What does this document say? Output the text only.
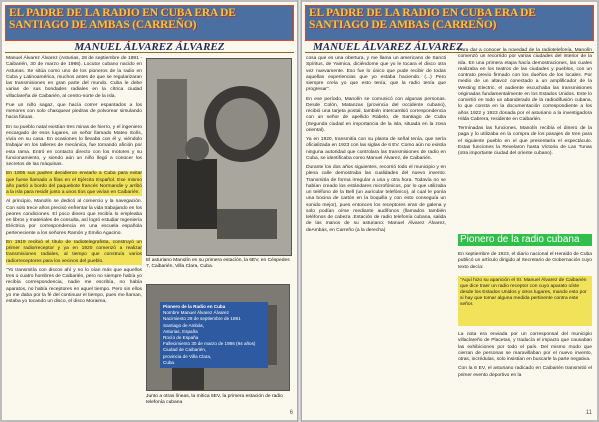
EL PADRE DE LA RADIO EN CUBA ERA DE SANTIAGO DE AMBAS (CARREÑO)
MANUEL ÁLVAREZ ÁLVAREZ

Manuel Álvarez Álvarez (Asturias, 28 de septiembre de 1891 - Caibarién, 30 de marzo de 1986). Locutor cubano nacido en Asturias. Se sitúa como uno de los pioneros de la radio en Cuba y Latinoamérica, muchos antes de que se regularizaran las transmisiones en gran parte del mundo. Cuba le debe varias de sus bondades radiales en la cítrica ciudad villaclareña de Caibarién, al centro-norte de la isla.

Fue un niño sagaz, que hacía correr espantados a los menores con solo chasquear piedras de polvorear simulando hacia fútuas.

En su pueblo natal existían tres minas de hierro, y el ingeniero encargado de esos lugares, un señor llamado Mateo Solís, vivía en su casa. En ocasiones lo llevaba con él y, viéndolo trabajar en los talleres de mecánica, fue tomando afición por esta rama. Entró en contacto directo con los motores y su funcionamiento, y siendo aún un niño llegó a conocer los secretos de las máquinas.

En 1905 sus padres decidieron enviarlo a Cuba para evitar que fuese llamado a filas en el Ejército Español. Ese mismo año partió a bordo del paquebote francés Normandie y arribó a la isla para residir junto a unos tíos que vivían en Caibarién.

Al principio, Manolín se dedicó al comercio y la navegación. Con solo trece años precisó enfrentar la vida trabajando en los peores condiciones. El poco dinero que recibía lo empleaba en libros y materiales de consulta, así logró estudiar Ingeniería Eléctrica por correspondencia en una escuela española perteneciente a los señores Ramón y Emilio Agacino.

En 1919 recibió el título de radiotelegrafista, construyó un primer radiorreceptor y ya en 1920 comenzó a realizar transmisiones radiales, al tiempo que construía varios radiorreceptores para los vecinos del pueblo.

"Yo transmitía con discos ahí y no lo oían más que aquellos tres o cuatro hombres de Caibarién, pero no siempre había yo recibía correspondencia, nadie me escribía, no había aparatos, no había receptores en aquel tiempo. Pero sin ellos yo me daba por la fé del continuar el tiempo, pues me llaman, estaba yo tocando un disco, el disco Moraima,

El asturiano Manolín en su primera estación, la 6EV, en Céspedes 7, Caibarién, Villa Clara, Cuba.
Pionero de la Radio en Cuba
Nombre Manuel Álvarez Álvarez
Nacimiento 28 de septiembre de 1891
Santiago de Ambás,
Asturias, España
Rocío de España
Fallecimiento 30 de marzo de 1986 (94 años)
Ciudad de Caibarién,
provincia de Villa Clara,
Cuba.
Junto a otras líneas, la mítica 6EV, la primera estación de radio telefonía cubana
6
EL PADRE DE LA RADIO EN CUBA ERA DE SANTIAGO DE AMBAS (CARREÑO)
MANUEL ÁLVAREZ ÁLVAREZ

cosa que es una obertura, y me llama un americano de Sancti Spíritus, de Yaimica, diciéndome que yo le tocara el disco otra vez nuevamente. Eso fue lo único que pude recibir de todas aquellas experiencias que yo estaba haciendo. (...) Pero siempre creía yo que esto tenía, que la radio tenía que progresar".

En ese período, Manolín se comunicó con algunas personas. Desde Colón, Matanzas (provincia del occidente cubano), recibió una tarjeta postal, también intercambió correspondencia con un señor de apellido Rabelo, de Santiago de Cuba (Segunda ciudad en importancia de la isla, situada en la zona oriental).

Ya en 1920, transmitía con su planta de señal tenía, que sería oficializada en 1923 con las siglas de 6 EV. Como aún no existía ninguna autoridad que controlara las transmisiones de radio en Cuba, se identificaba como Manuel Álvarez, de Caibarién.

Durante los dos años siguientes, recorrió todo el municipio y en plena calle demostraba las cualidades del nuevo invento. Transmitía de forma irregular a una y otra hora. Todavía no se habían creado los estándares microfónicos, por lo que utilizaba un teléfono de la Bell (un auricular telefónico), al cual le ponía una bocina de cartón en la boquilla y con esto conseguía un sonido mejor), pues entonces los receptores eran de galena y solo podían oírse mediante audífonos (llamados también teléfonos de cabeza .Estación de radio telefonía cubana, salida de las manos de su asturiano: Manuel Álvarez Álvarez, deAmbás, en Carreño (a la derecha)

Para dar a conocer la novedad de la radiotelefonía, Manolín comenzó un recorrido por varias ciudades del interior de la isla. En una primera etapa hacía demostraciones, las cuales realizaba en los teatros de las ciudades y pueblos, con un contrato previo firmado con los dueños de los locales. Por medio de un altavoz conectado a un amplificador de la Westing Electric, el audiente escuchaba las transmisiones originadas fundamentalmente en los Estados Unidos. Este lo convirtió en todo un abanderado de la radiodifusión cubana, lo que consta en la documentación correspondiente a los años 1922 y 1923 donada por el asturiano a la investigadora Hilda Cabrera, residente en Caibarién.

Terminadas las funciones, Manolín recibía el dinero de la paga y lo utilizaba en la compra de los pasajes de tren para el siguiente pueblo en el que presentaría el espectáculo. Estas funciones la Revelaron hasta Victoria de Las Tunas (otra importante ciudad del oriente cubano).

Pionero de la radio cubana

En septiembre de 1923, el diario nacional el Heraldo de Cuba publicó un artículo dirigido al Secretario de Gobernación cuyo texto decía:

"Aquí hizo su aparición el Sr. Manuel Álvarez de Caibarién que dice traer un radio receptor con cuyo aparato oíste desde los Estados Unidos y otros lugares, mando esto por si hay que tomar alguna medida pertinente contra este señor.

La nota era enviada por un corresponsal del municipio villaclareño de Placetas, y traducía el impacto que causaban las exhibiciones por todo el país. Del mismo modo que cierran de personas se maravillaban por el nuevo invento, otras, incrédulas, solo insistían en buscarle la parte negativa.

Con la 6 EV, el asturiano radicado en Caibarién transmitió el primer evento deportivo en la

11
